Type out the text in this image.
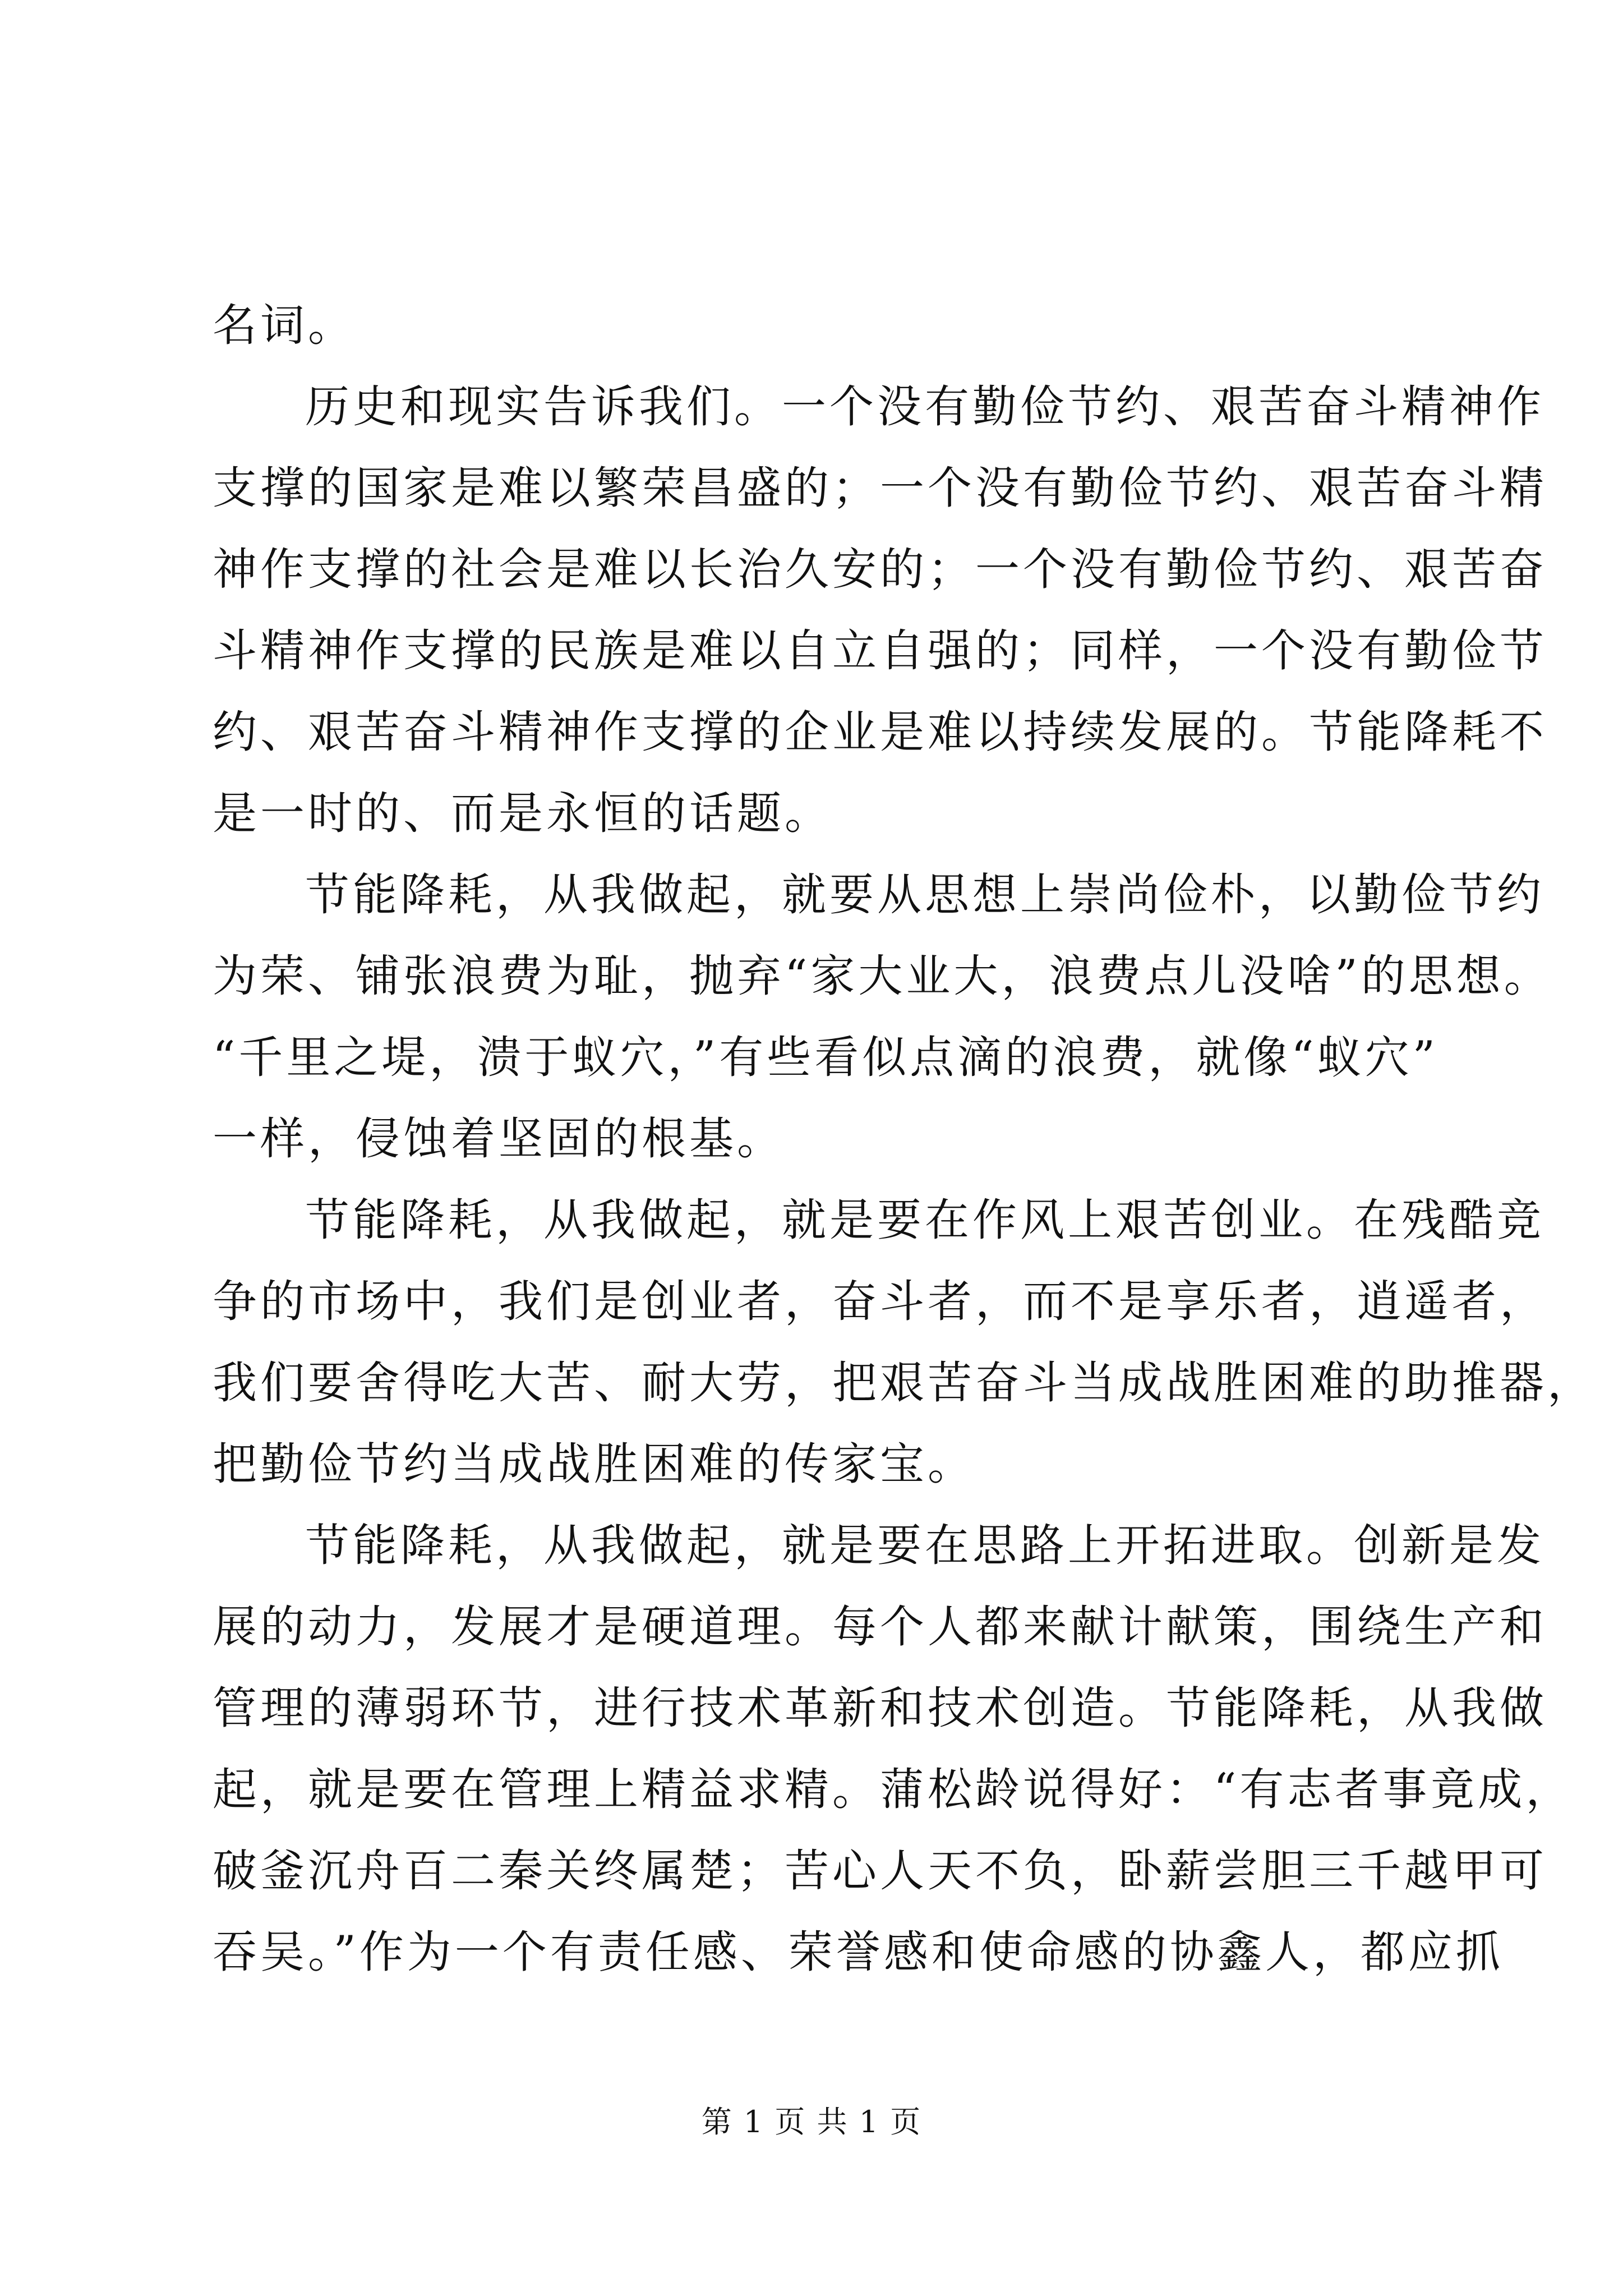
名词。
历史和现实告诉我们。一个没有勤俭节约、艰苦奋斗精神作
支撑的国家是难以繁荣昌盛的；一个没有勤俭节约、艰苦奋斗精
神作支撑的社会是难以长治久安的；一个没有勤俭节约、艰苦奋
斗精神作支撑的民族是难以自立自强的；同样，一个没有勤俭节
约、艰苦奋斗精神作支撑的企业是难以持续发展的。节能降耗不
是一时的、而是永恒的话题。
节能降耗，从我做起，就要从思想上崇尚俭朴，以勤俭节约
为荣、铺张浪费为耻，抛弃“家大业大，浪费点儿没啥”的思想。
“千里之堤，溃于蚁穴，”有些看似点滴的浪费，就像“蚁穴”
一样，侵蚀着坚固的根基。
节能降耗，从我做起，就是要在作风上艰苦创业。在残酷竞
争的市场中，我们是创业者，奋斗者，而不是享乐者，逍遥者，
我们要舍得吃大苦、耐大劳，把艰苦奋斗当成战胜困难的助推器，
把勤俭节约当成战胜困难的传家宝。
节能降耗，从我做起，就是要在思路上开拓进取。创新是发
展的动力，发展才是硬道理。每个人都来献计献策，围绕生产和
管理的薄弱环节，进行技术革新和技术创造。节能降耗，从我做
起，就是要在管理上精益求精。蒲松龄说得好：“有志者事竟成，
破釜沉舟百二秦关终属楚；苦心人天不负，卧薪尝胆三千越甲可
吞吴。”作为一个有责任感、荣誉感和使命感的协鑫人，都应抓
第 1 页 共 1 页
